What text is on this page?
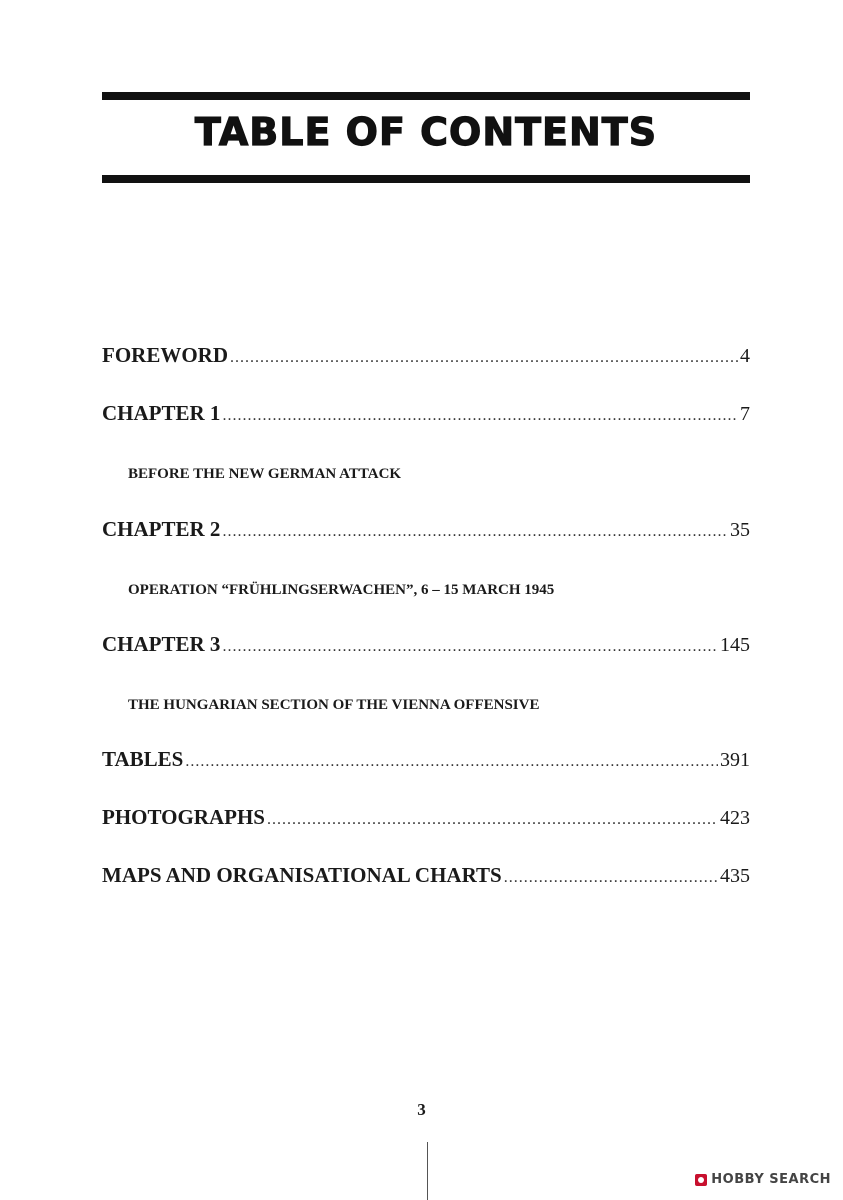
TABLE OF CONTENTS
FOREWORD .....	4
CHAPTER 1 .....	7
BEFORE THE NEW GERMAN ATTACK
CHAPTER 2 .....	35
OPERATION “FRÜHLINGSERWACHEN”, 6 – 15 MARCH 1945
CHAPTER 3 .....	145
THE HUNGARIAN SECTION OF THE VIENNA OFFENSIVE
TABLES .....	391
PHOTOGRAPHS .....	423
MAPS AND ORGANISATIONAL CHARTS .....	435
3
HOBBY SEARCH
